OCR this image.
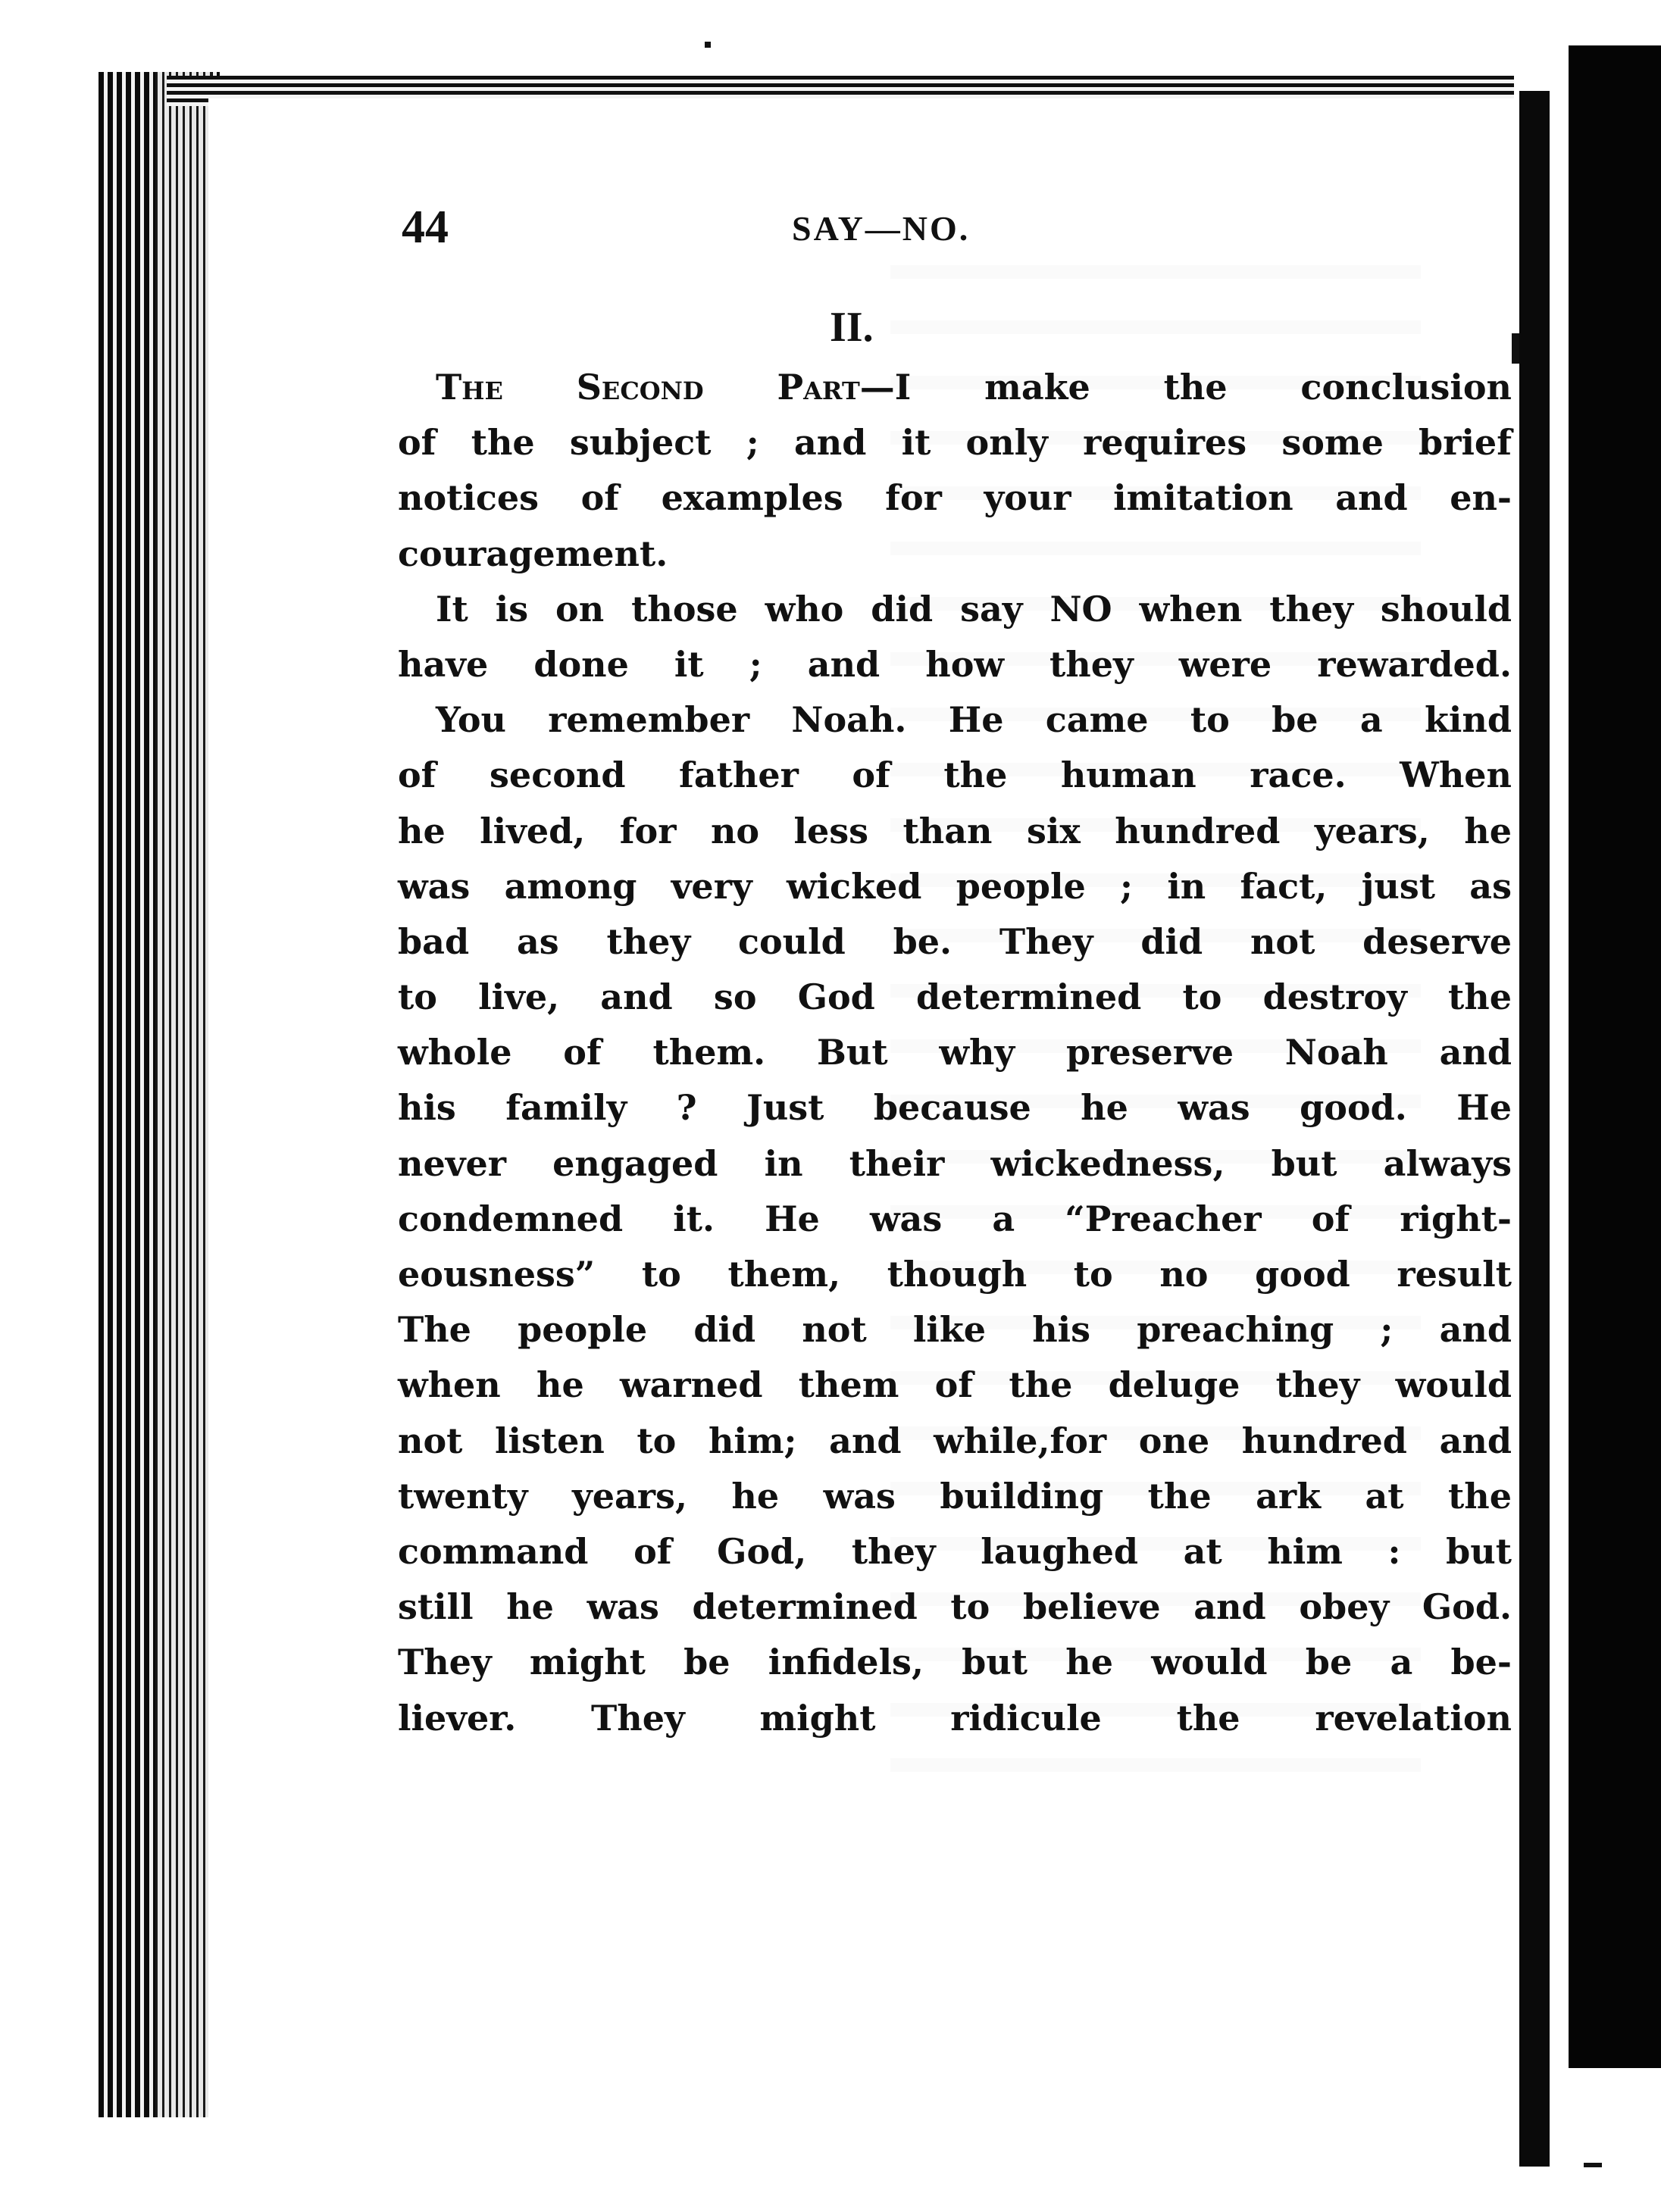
44	SAY—NO.
II.
The Second Part—I make the conclusion
of the subject ; and it only requires some brief
notices of examples for your imitation and en-
couragement.
It is on those who did say NO when they should
have done it ; and how they were rewarded.
You remember Noah. He came to be a kind
of second father of the human race. When
he lived, for no less than six hundred years, he
was among very wicked people ; in fact, just as
bad as they could be. They did not deserve
to live, and so God determined to destroy the
whole of them. But why preserve Noah and
his family ? Just because he was good. He
never engaged in their wickedness, but always
condemned it. He was a “Preacher of right-
eousness” to them, though to no good result
The people did not like his preaching ; and
when he warned them of the deluge they would
not listen to him; and while,for one hundred and
twenty years, he was building the ark at the
command of God, they laughed at him : but
still he was determined to believe and obey God.
They might be infidels, but he would be a be-
liever. They might ridicule the revelation
